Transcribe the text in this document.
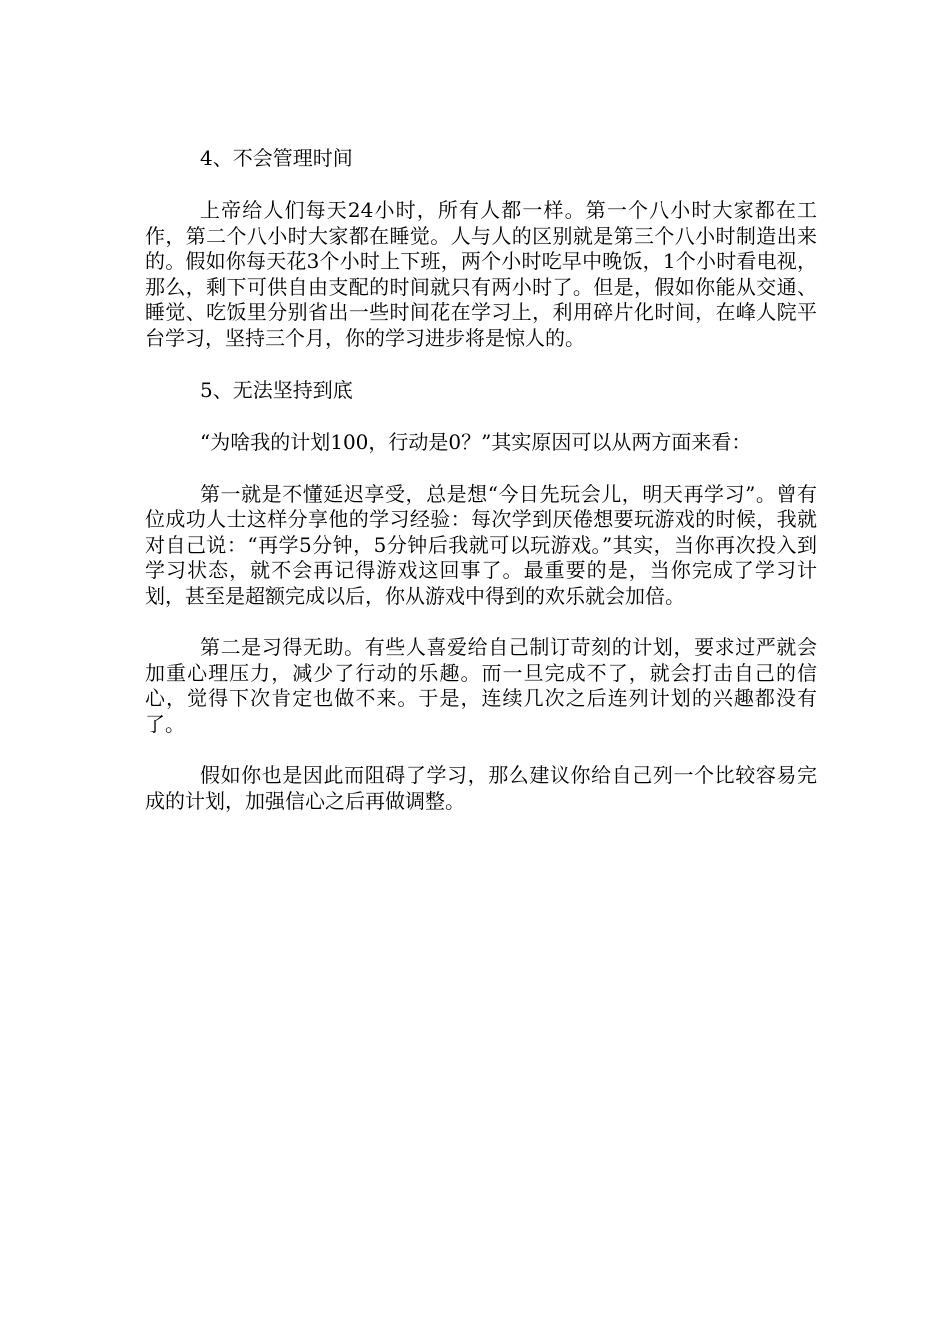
4、不会管理时间

上帝给人们每天24小时，所有人都一样。第一个八小时大家都在工作，第二个八小时大家都在睡觉。人与人的区别就是第三个八小时制造出来的。假如你每天花3个小时上下班，两个小时吃早中晚饭，1个小时看电视，那么，剩下可供自由支配的时间就只有两小时了。但是，假如你能从交通、睡觉、吃饭里分别省出一些时间花在学习上，利用碎片化时间，在峰人院平台学习，坚持三个月，你的学习进步将是惊人的。

5、无法坚持到底

“为啥我的计划100，行动是0？”其实原因可以从两方面来看：

第一就是不懂延迟享受，总是想“今日先玩会儿，明天再学习”。曾有位成功人士这样分享他的学习经验：每次学到厌倦想要玩游戏的时候，我就对自己说：“再学5分钟，5分钟后我就可以玩游戏。”其实，当你再次投入到学习状态，就不会再记得游戏这回事了。最重要的是，当你完成了学习计划，甚至是超额完成以后，你从游戏中得到的欢乐就会加倍。

第二是习得无助。有些人喜爱给自己制订苛刻的计划，要求过严就会加重心理压力，减少了行动的乐趣。而一旦完成不了，就会打击自己的信心，觉得下次肯定也做不来。于是，连续几次之后连列计划的兴趣都没有了。

假如你也是因此而阻碍了学习，那么建议你给自己列一个比较容易完成的计划，加强信心之后再做调整。
